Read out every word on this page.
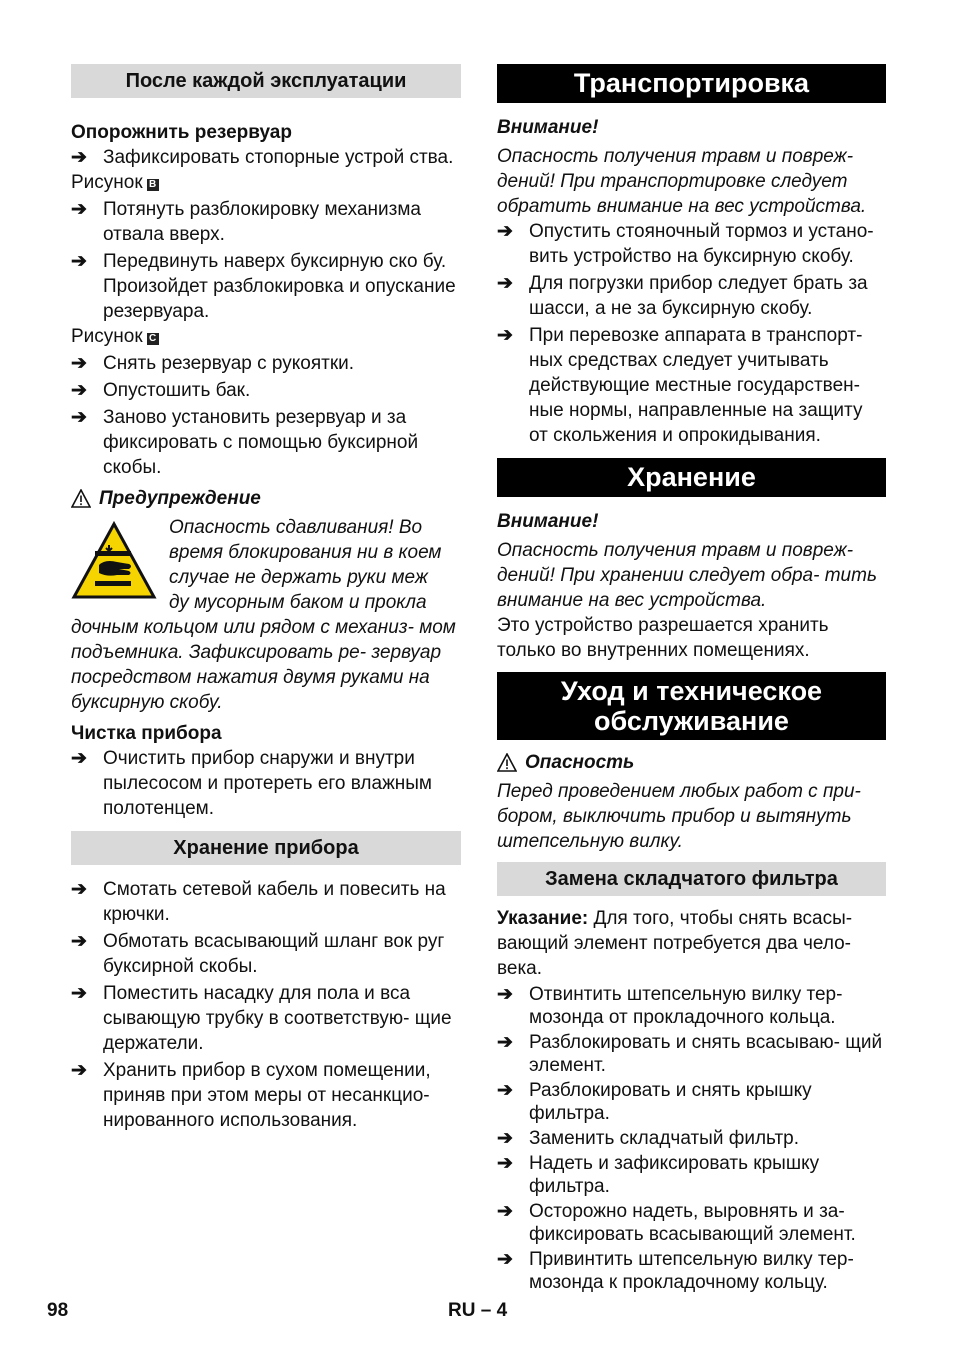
После каждой эксплуатации

Опорожнить резервуар

➔ Зафиксировать стопорные устрой ства.

Рисунок B

➔ Потянуть разблокировку механизма отвала вверх.

➔ Передвинуть наверх буксирную ско бу. Произойдет разблокировка и опускание резервуара.

Рисунок C

➔ Снять резервуар с рукоятки.

➔ Опустошить бак.

➔ Заново установить резервуар и за фиксировать с помощью буксирной скобы.

Предупреждение

Опасность сдавливания! Во

время блокирования ни в коем

случае не держать руки меж

ду мусорным баком и прокла

дочным кольцом или рядом с механиз- мом подъемника. Зафиксировать ре- зервуар посредством нажатия двумя руками на буксирную скобу.

Чистка прибора

➔ Очистить прибор снаружи и внутри пылесосом и протереть его влажным полотенцем.

Хранение прибора

➔ Смотать сетевой кабель и повесить на крючки.

➔ Обмотать всасывающий шланг вок руг буксирной скобы.

➔ Поместить насадку для пола и вса сывающую трубку в соответствую- щие держатели.

➔ Хранить прибор в сухом помещении, приняв при этом меры от несанкцио- нированного использования.

Транспортировка

Внимание!

Опасность получения травм и повреж- дений! При транспортировке следует обратить внимание на вес устройства.

➔ Опустить стояночный тормоз и устано- вить устройство на буксирную скобу.

➔ Для погрузки прибор следует брать за шасси, а не за буксирную скобу.

➔ При перевозке аппарата в транспорт- ных средствах следует учитывать действующие местные государствен- ные нормы, направленные на защиту от скольжения и опрокидывания.

Хранение

Внимание!

Опасность получения травм и повреж- дений! При хранении следует обра- тить внимание на вес устройства.

Это устройство разрешается хранить только во внутренних помещениях.

Уход и техническое обслуживание
Опасность

Перед проведением любых работ с при- бором, выключить прибор и вытянуть штепсельную вилку.

Замена складчатого фильтра

Указание: Для того, чтобы снять всасы- вающий элемент потребуется два чело- века.

➔ Отвинтить штепсельную вилку тер- мозонда от прокладочного кольца.

➔ Разблокировать и снять всасываю- щий элемент.

➔ Разблокировать и снять крышку фильтра.

➔ Заменить складчатый фильтр.

➔ Надеть и зафиксировать крышку фильтра.

➔ Осторожно надеть, выровнять и за- фиксировать всасывающий элемент.

➔ Привинтить штепсельную вилку тер- мозонда к прокладочному кольцу.

98	RU – 4
